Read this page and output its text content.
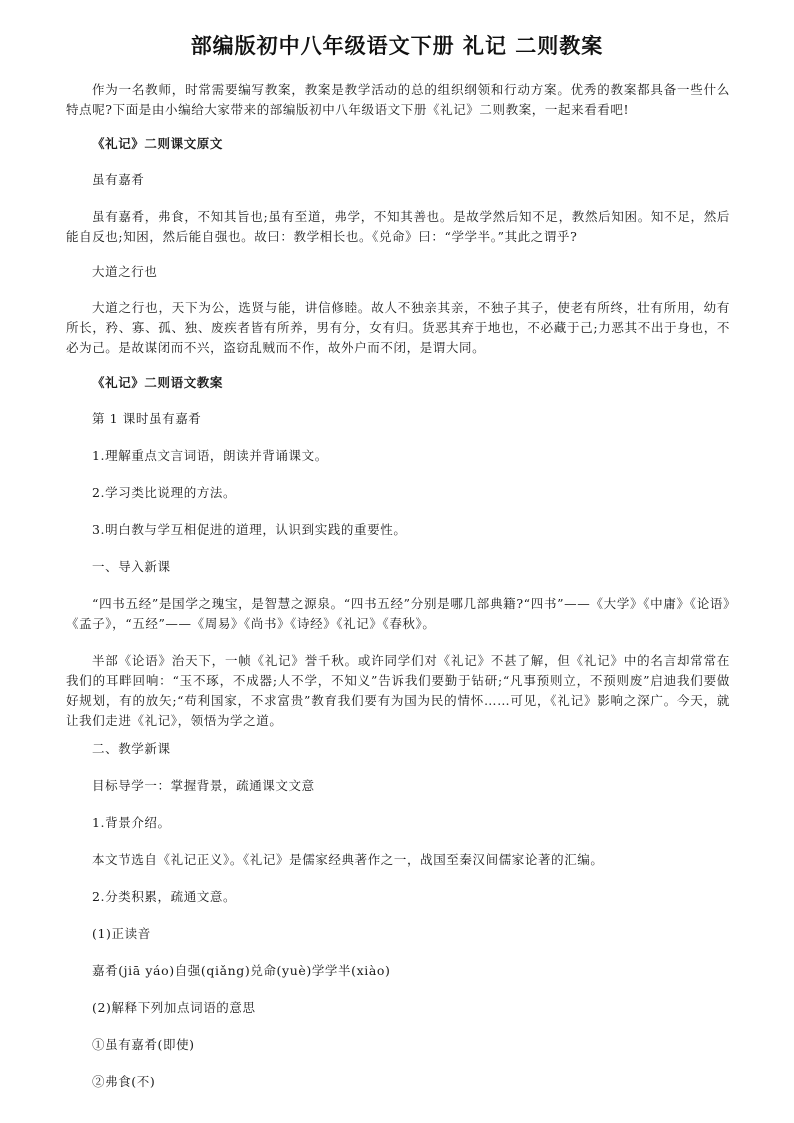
部编版初中八年级语文下册 礼记 二则教案

作为一名教师，时常需要编写教案，教案是教学活动的总的组织纲领和行动方案。优秀的教案都具备一些什么特点呢?下面是由小编给大家带来的部编版初中八年级语文下册《礼记》二则教案，一起来看看吧!

《礼记》二则课文原文

虽有嘉肴

虽有嘉肴，弗食，不知其旨也;虽有至道，弗学，不知其善也。是故学然后知不足，教然后知困。知不足，然后能自反也;知困，然后能自强也。故曰：教学相长也。《兑命》曰：“学学半。”其此之谓乎?

大道之行也

大道之行也，天下为公，选贤与能，讲信修睦。故人不独亲其亲，不独子其子，使老有所终，壮有所用，幼有所长，矜、寡、孤、独、废疾者皆有所养，男有分，女有归。货恶其弃于地也，不必藏于己;力恶其不出于身也，不必为己。是故谋闭而不兴，盗窃乱贼而不作，故外户而不闭，是谓大同。

《礼记》二则语文教案

第 1 课时虽有嘉肴

1.理解重点文言词语，朗读并背诵课文。

2.学习类比说理的方法。

3.明白教与学互相促进的道理，认识到实践的重要性。

一、导入新课

“四书五经”是国学之瑰宝，是智慧之源泉。“四书五经”分别是哪几部典籍?“四书”——《大学》《中庸》《论语》《孟子》，“五经”——《周易》《尚书》《诗经》《礼记》《春秋》。

半部《论语》治天下，一帧《礼记》誉千秋。或许同学们对《礼记》不甚了解，但《礼记》中的名言却常常在我们的耳畔回响：“玉不琢，不成器;人不学，不知义”告诉我们要勤于钻研;“凡事预则立，不预则废”启迪我们要做好规划，有的放矢;“苟利国家，不求富贵”教育我们要有为国为民的情怀……可见，《礼记》影响之深广。今天，就让我们走进《礼记》，领悟为学之道。

二、教学新课

目标导学一：掌握背景，疏通课文文意

1.背景介绍。

本文节选自《礼记正义》。《礼记》是儒家经典著作之一，战国至秦汉间儒家论著的汇编。

2.分类积累，疏通文意。

(1)正读音

嘉肴(jiā yáo)自强(qiǎng)兑命(yuè)学学半(xiào)

(2)解释下列加点词语的意思

①虽有嘉肴(即使)

②弗食(不)
